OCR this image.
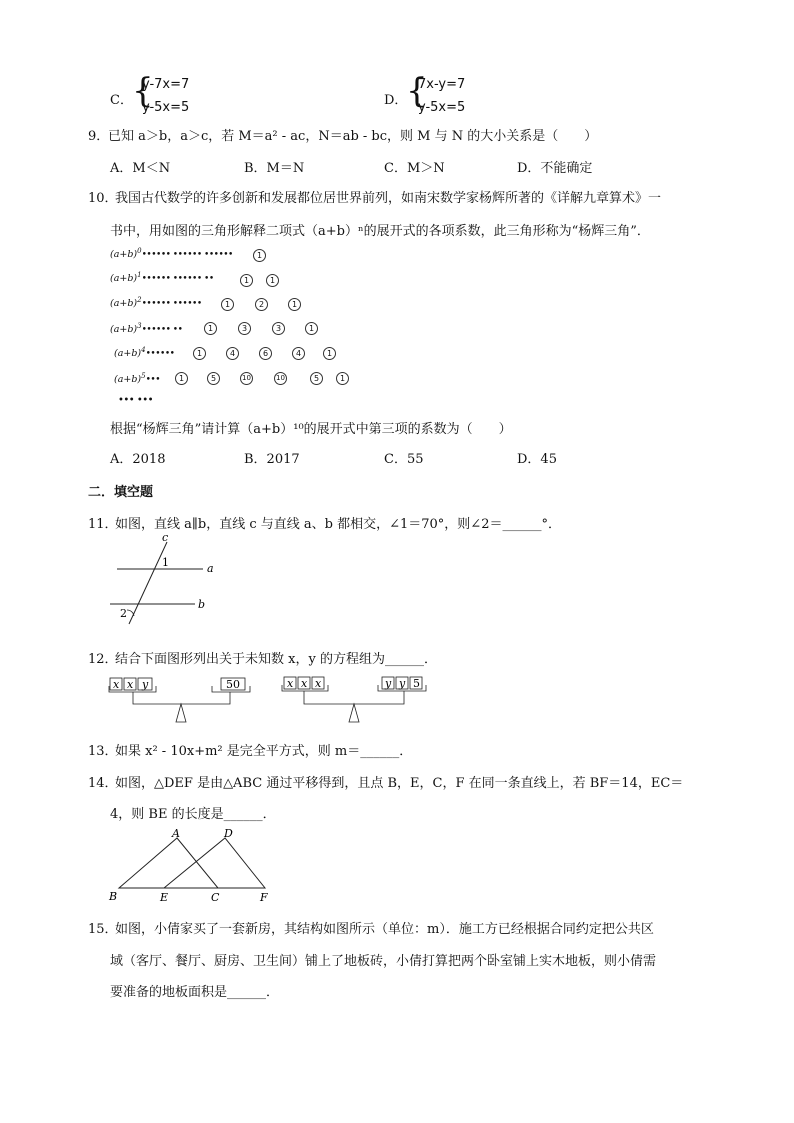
C． {
y-7x=7
y-5x=5	D．
{
7x-y=7
y-5x=5
9．
已知 a＞b，a＞c，若 M＝a² - ac，N＝ab - bc，则 M 与 N 的大小关系是（　　）
A．M＜N	B．M＝N	C．M＞N	D．不能确定
10．
我国古代数学的许多创新和发展都位居世界前列，如南宋数学家杨辉所著的《详解九章算术》一
书中，用如图的三角形解释二项式（a+b）ⁿ的展开式的各项系数，此三角形称为“杨辉三角”．
$(a+b)^0••••••$ •••••• ••••••
$(a+b)^1••••••$ •••••• ••
$(a+b)^2••••••$ ••••••
$(a+b)^3••••••$ ••
$(a+b)^4••••••$
$(a+b)^5•••$
1
1	1
1	2	1
1	3	3	1
1	4	6	4	1
1	5	10	10	5	1
••• •••
根据“杨辉三角”请计算（a+b）¹⁰的展开式中第三项的系数为（　　）
A．2018	B．2017	C．55	D．45
二．填空题
11．
如图，直线 a∥b，直线 c 与直线 a、b 都相交，∠1＝70°，则∠2＝______°．
c
a
b
1
2
12．
结合下面图形列出关于未知数 x，y 的方程组为______．
x x y	50	x x x	y y 5
13．
如果 x² - 10x+m² 是完全平方式，则 m＝______．
14．
如图，△DEF 是由△ABC 通过平移得到，且点 B，E，C，F 在同一条直线上，若 BF＝14，EC＝
4，则 BE 的长度是______．
A	D
B	E	C	F
15．
如图，小倩家买了一套新房，其结构如图所示（单位：m）．施工方已经根据合同约定把公共区
域（客厅、餐厅、厨房、卫生间）铺上了地板砖，小倩打算把两个卧室铺上实木地板，则小倩需
要准备的地板面积是______．
